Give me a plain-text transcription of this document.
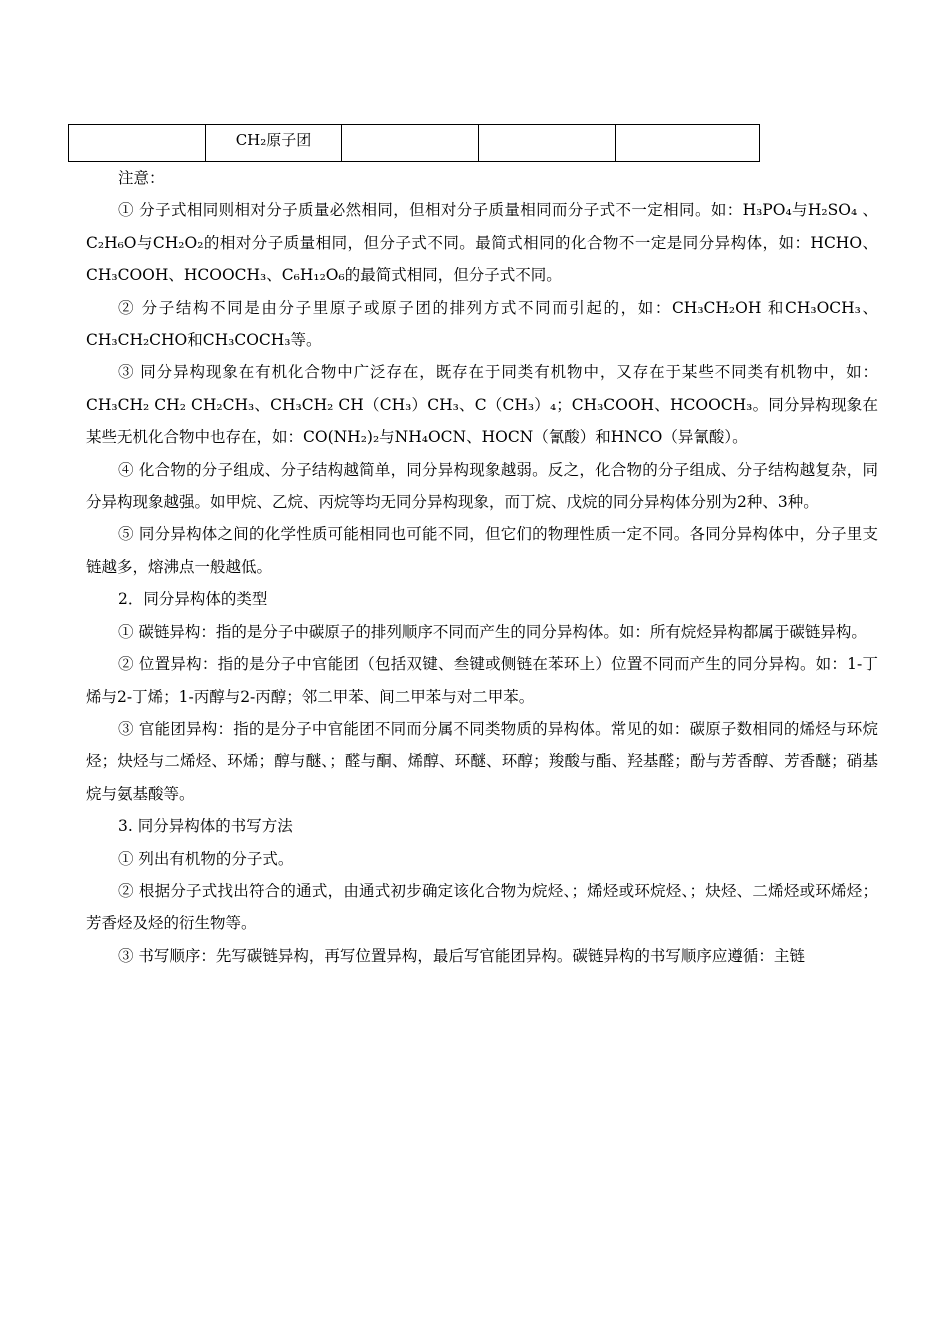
	CH₂原子团			

注意：

① 分子式相同则相对分子质量必然相同，但相对分子质量相同而分子式不一定相同。如：H₃PO₄与H₂SO₄ 、C₂H₆O与CH₂O₂的相对分子质量相同，但分子式不同。最简式相同的化合物不一定是同分异构体，如：HCHO、CH₃COOH、HCOOCH₃、C₆H₁₂O₆的最简式相同，但分子式不同。

② 分子结构不同是由分子里原子或原子团的排列方式不同而引起的，如：CH₃CH₂OH 和CH₃OCH₃、CH₃CH₂CHO和CH₃COCH₃等。

③ 同分异构现象在有机化合物中广泛存在，既存在于同类有机物中，又存在于某些不同类有机物中，如：CH₃CH₂ CH₂ CH₂CH₃、CH₃CH₂ CH（CH₃）CH₃、C（CH₃）₄；CH₃COOH、HCOOCH₃。同分异构现象在某些无机化合物中也存在，如：CO(NH₂)₂与NH₄OCN、HOCN（氰酸）和HNCO（异氰酸）。

④ 化合物的分子组成、分子结构越简单，同分异构现象越弱。反之，化合物的分子组成、分子结构越复杂，同分异构现象越强。如甲烷、乙烷、丙烷等均无同分异构现象，而丁烷、戊烷的同分异构体分别为2种、3种。

⑤ 同分异构体之间的化学性质可能相同也可能不同，但它们的物理性质一定不同。各同分异构体中，分子里支链越多，熔沸点一般越低。

2．同分异构体的类型

① 碳链异构：指的是分子中碳原子的排列顺序不同而产生的同分异构体。如：所有烷烃异构都属于碳链异构。

② 位置异构：指的是分子中官能团（包括双键、叁键或侧链在苯环上）位置不同而产生的同分异构。如：1-丁烯与2-丁烯；1-丙醇与2-丙醇；邻二甲苯、间二甲苯与对二甲苯。

③ 官能团异构：指的是分子中官能团不同而分属不同类物质的异构体。常见的如：碳原子数相同的烯烃与环烷烃；炔烃与二烯烃、环烯；醇与醚、；醛与酮、烯醇、环醚、环醇；羧酸与酯、羟基醛；酚与芳香醇、芳香醚；硝基烷与氨基酸等。

3. 同分异构体的书写方法

① 列出有机物的分子式。

② 根据分子式找出符合的通式，由通式初步确定该化合物为烷烃、；烯烃或环烷烃、；炔烃、二烯烃或环烯烃；芳香烃及烃的衍生物等。

③ 书写顺序：先写碳链异构，再写位置异构，最后写官能团异构。碳链异构的书写顺序应遵循：主链
